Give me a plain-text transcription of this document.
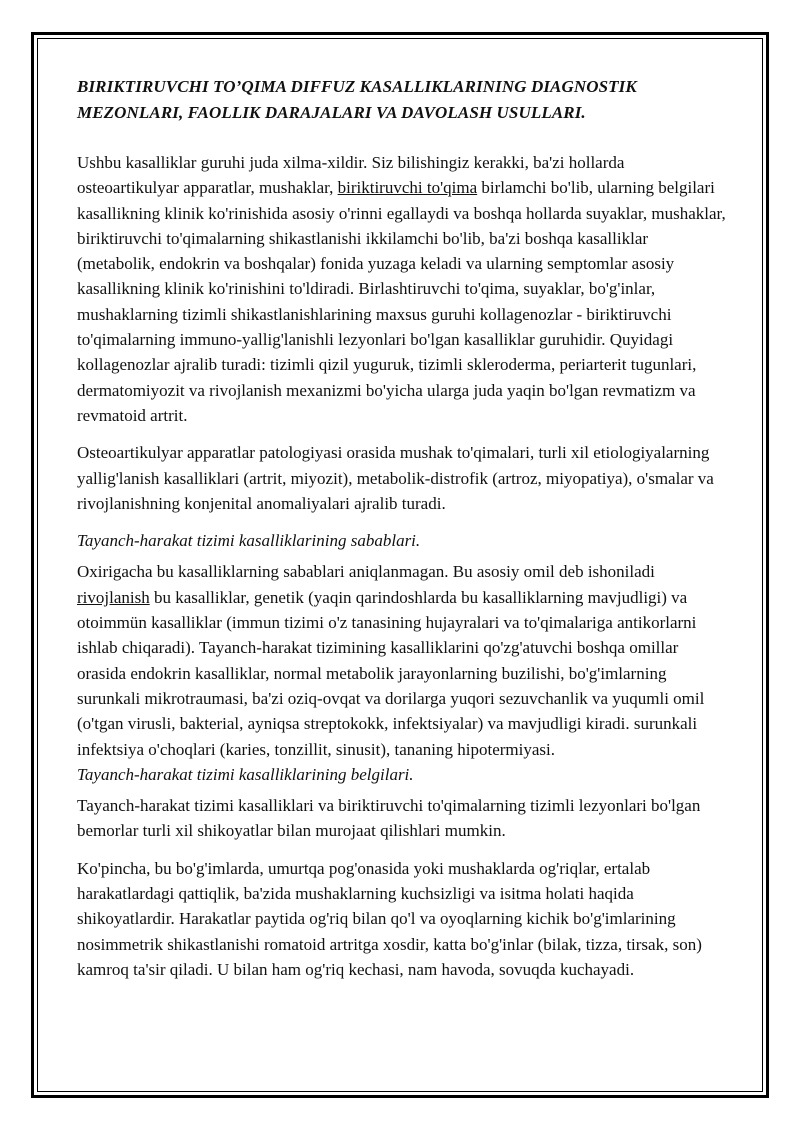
BIRIKTIRUVCHI TO’QIMA DIFFUZ KASALLIKLARINING DIAGNOSTIK MEZONLARI, FAOLLIK DARAJALARI VA DAVOLASH USULLARI.

Ushbu kasalliklar guruhi juda xilma-xildir. Siz bilishingiz kerakki, ba'zi hollarda osteoartikulyar apparatlar, mushaklar, biriktiruvchi to'qima birlamchi bo'lib, ularning belgilari kasallikning klinik ko'rinishida asosiy o'rinni egallaydi va boshqa hollarda suyaklar, mushaklar, biriktiruvchi to'qimalarning shikastlanishi ikkilamchi bo'lib, ba'zi boshqa kasalliklar (metabolik, endokrin va boshqalar) fonida yuzaga keladi va ularning semptomlar asosiy kasallikning klinik ko'rinishini to'ldiradi. Birlashtiruvchi to'qima, suyaklar, bo'g'inlar, mushaklarning tizimli shikastlanishlarining maxsus guruhi kollagenozlar - biriktiruvchi to'qimalarning immuno-yallig'lanishli lezyonlari bo'lgan kasalliklar guruhidir. Quyidagi kollagenozlar ajralib turadi: tizimli qizil yuguruk, tizimli skleroderma, periarterit tugunlari, dermatomiyozit va rivojlanish mexanizmi bo'yicha ularga juda yaqin bo'lgan revmatizm va revmatoid artrit.

Osteoartikulyar apparatlar patologiyasi orasida mushak to'qimalari, turli xil etiologiyalarning yallig'lanish kasalliklari (artrit, miyozit), metabolik-distrofik (artroz, miyopatiya), o'smalar va rivojlanishning konjenital anomaliyalari ajralib turadi.

Tayanch-harakat tizimi kasalliklarining sabablari.

Oxirigacha bu kasalliklarning sabablari aniqlanmagan. Bu asosiy omil deb ishoniladi rivojlanish bu kasalliklar, genetik (yaqin qarindoshlarda bu kasalliklarning mavjudligi) va otoimmün kasalliklar (immun tizimi o'z tanasining hujayralari va to'qimalariga antikorlarni ishlab chiqaradi). Tayanch-harakat tizimining kasalliklarini qo'zg'atuvchi boshqa omillar orasida endokrin kasalliklar, normal metabolik jarayonlarning buzilishi, bo'g'imlarning surunkali mikrotraumasi, ba'zi oziq-ovqat va dorilarga yuqori sezuvchanlik va yuqumli omil (o'tgan virusli, bakterial, ayniqsa streptokokk, infektsiyalar) va mavjudligi kiradi. surunkali infektsiya o'choqlari (karies, tonzillit, sinusit), tananing hipotermiyasi.

Tayanch-harakat tizimi kasalliklarining belgilari.

Tayanch-harakat tizimi kasalliklari va biriktiruvchi to'qimalarning tizimli lezyonlari bo'lgan bemorlar turli xil shikoyatlar bilan murojaat qilishlari mumkin.

Ko'pincha, bu bo'g'imlarda, umurtqa pog'onasida yoki mushaklarda og'riqlar, ertalab harakatlardagi qattiqlik, ba'zida mushaklarning kuchsizligi va isitma holati haqida shikoyatlardir. Harakatlar paytida og'riq bilan qo'l va oyoqlarning kichik bo'g'imlarining nosimmetrik shikastlanishi romatoid artritga xosdir, katta bo'g'inlar (bilak, tizza, tirsak, son) kamroq ta'sir qiladi. U bilan ham og'riq kechasi, nam havoda, sovuqda kuchayadi.
